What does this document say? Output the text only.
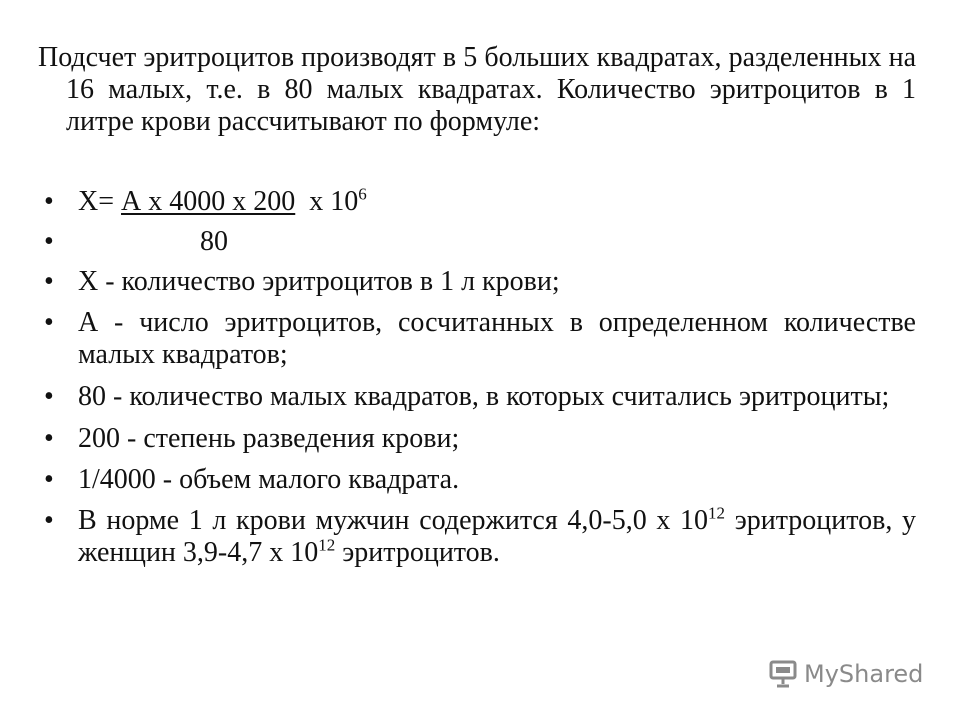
Подсчет эритроцитов производят в 5 больших квадратах, разделенных на 16 малых, т.е. в 80 малых квадратах. Количество эритроцитов в 1 литре крови рассчитывают по формуле:

• Х= А х 4000 х 200  х $10^6$
•	80
• Х - количество эритроцитов в 1 л крови;
• А - число эритроцитов, сосчитанных в определенном количестве малых квадратов;
• 80 - количество малых квадратов, в которых считались эритроциты;
• 200 - степень разведения крови;
• 1/4000 - объем малого квадрата.
• В норме 1 л крови мужчин содержится 4,0-5,0 х $10^{12}$ эритроцитов, у женщин 3,9-4,7 х $10^{12}$ эритроцитов.
MyShared
